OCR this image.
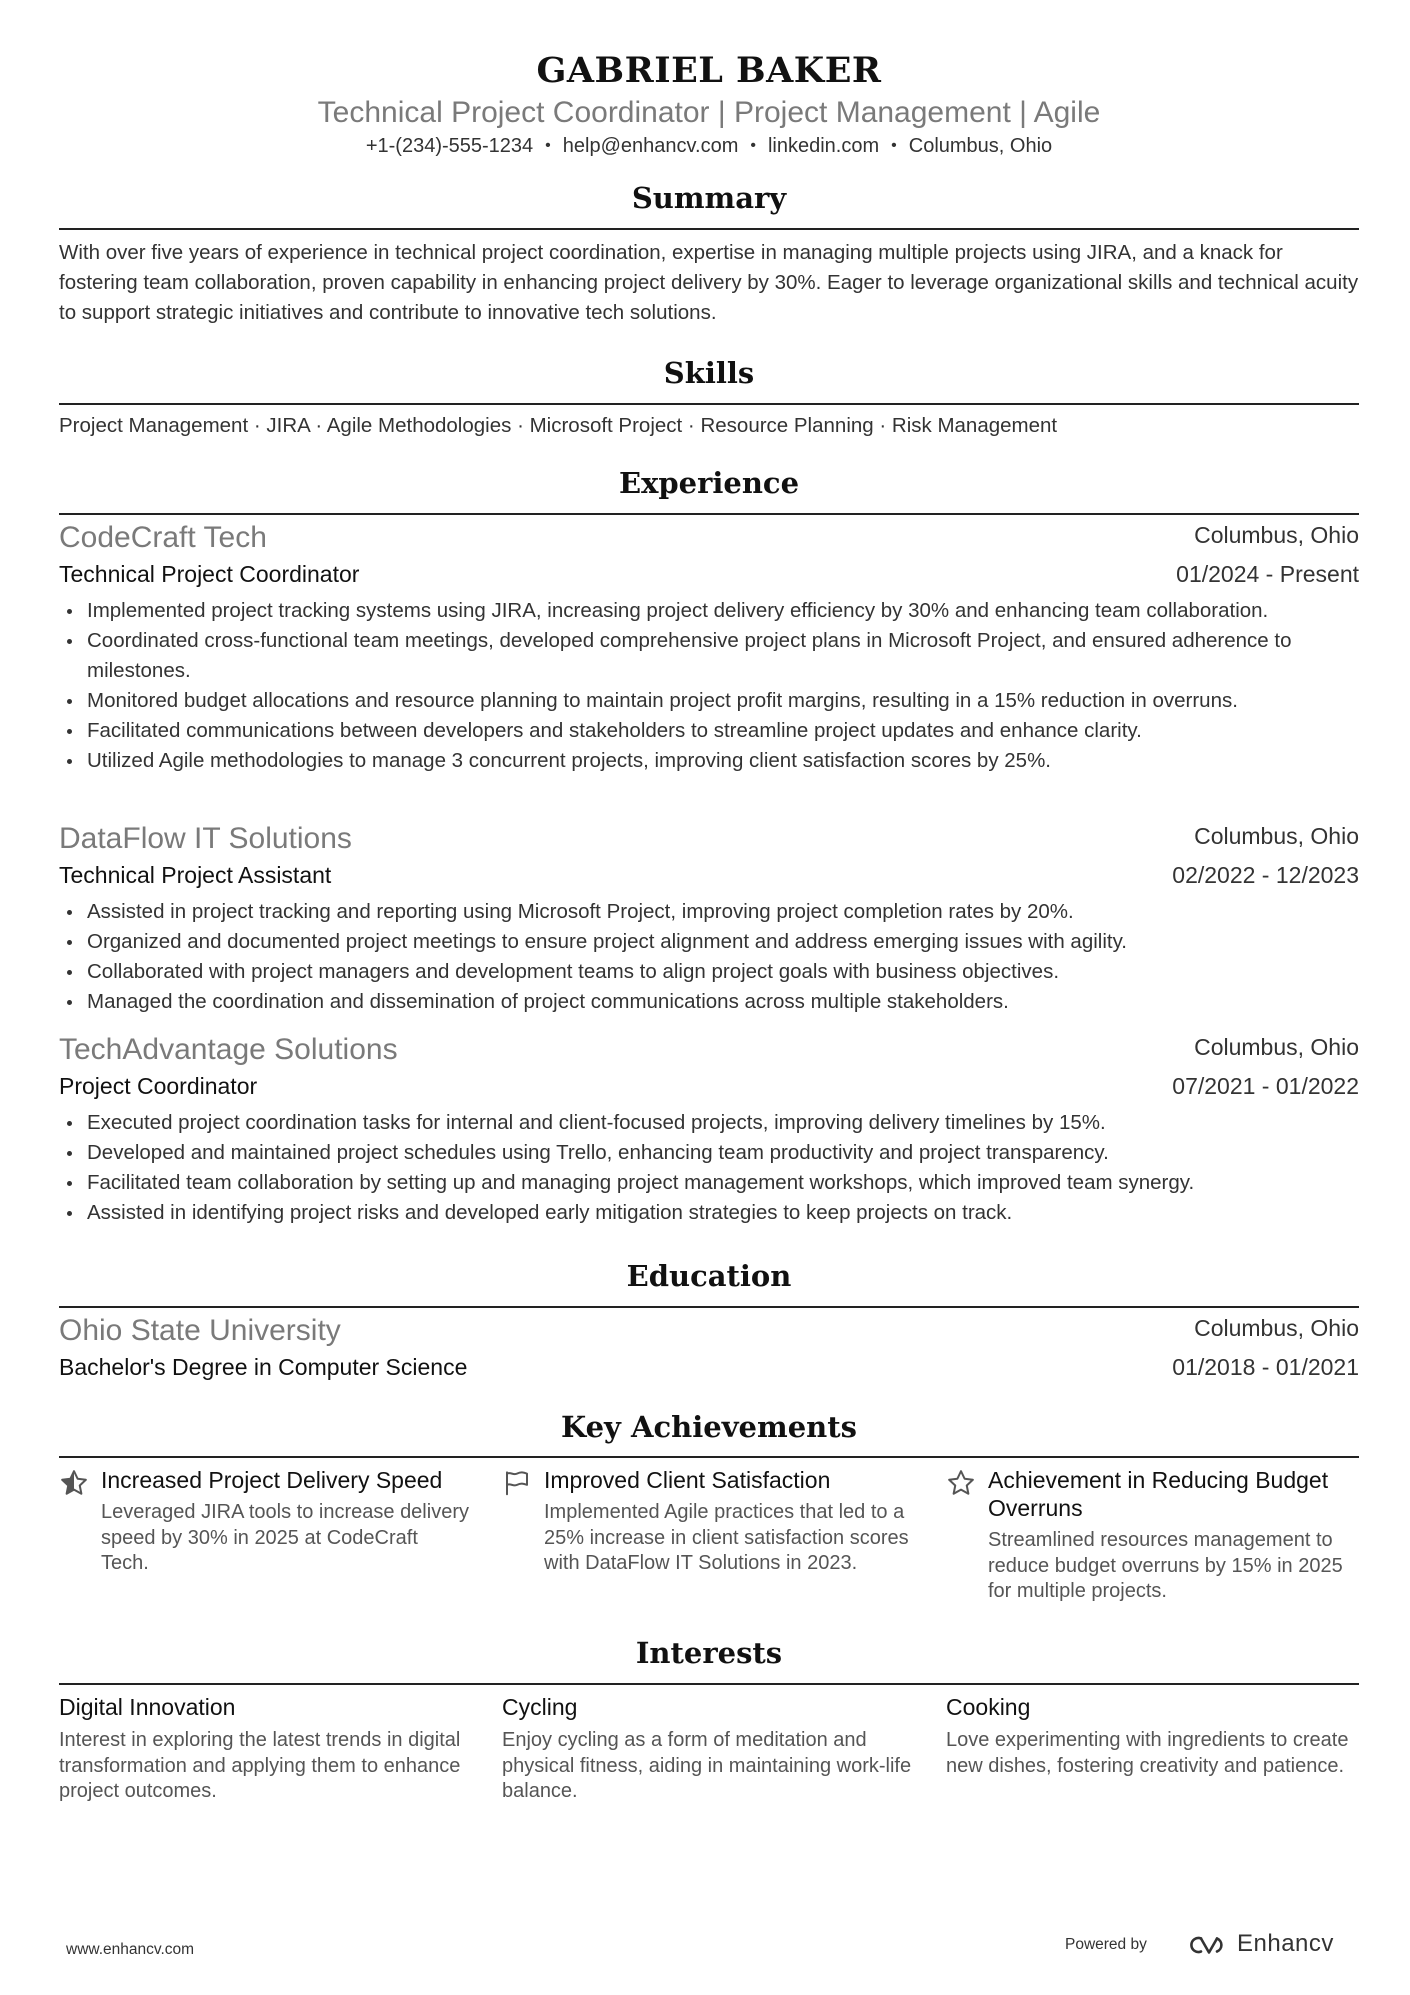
GABRIEL BAKER
Technical Project Coordinator | Project Management | Agile
+1-(234)-555-1234 • help@enhancv.com • linkedin.com • Columbus, Ohio
Summary
With over five years of experience in technical project coordination, expertise in managing multiple projects using JIRA, and a knack for fostering team collaboration, proven capability in enhancing project delivery by 30%. Eager to leverage organizational skills and technical acuity to support strategic initiatives and contribute to innovative tech solutions.
Skills
Project Management · JIRA · Agile Methodologies · Microsoft Project · Resource Planning · Risk Management
Experience
CodeCraft Tech	Columbus, Ohio
Technical Project Coordinator	01/2024 - Present
Implemented project tracking systems using JIRA, increasing project delivery efficiency by 30% and enhancing team collaboration.
Coordinated cross-functional team meetings, developed comprehensive project plans in Microsoft Project, and ensured adherence to milestones.
Monitored budget allocations and resource planning to maintain project profit margins, resulting in a 15% reduction in overruns.
Facilitated communications between developers and stakeholders to streamline project updates and enhance clarity.
Utilized Agile methodologies to manage 3 concurrent projects, improving client satisfaction scores by 25%.
DataFlow IT Solutions	Columbus, Ohio
Technical Project Assistant	02/2022 - 12/2023
Assisted in project tracking and reporting using Microsoft Project, improving project completion rates by 20%.
Organized and documented project meetings to ensure project alignment and address emerging issues with agility.
Collaborated with project managers and development teams to align project goals with business objectives.
Managed the coordination and dissemination of project communications across multiple stakeholders.
TechAdvantage Solutions	Columbus, Ohio
Project Coordinator	07/2021 - 01/2022
Executed project coordination tasks for internal and client-focused projects, improving delivery timelines by 15%.
Developed and maintained project schedules using Trello, enhancing team productivity and project transparency.
Facilitated team collaboration by setting up and managing project management workshops, which improved team synergy.
Assisted in identifying project risks and developed early mitigation strategies to keep projects on track.
Education
Ohio State University	Columbus, Ohio
Bachelor's Degree in Computer Science	01/2018 - 01/2021
Key Achievements
Increased Project Delivery Speed
Leveraged JIRA tools to increase delivery speed by 30% in 2025 at CodeCraft Tech.
Improved Client Satisfaction
Implemented Agile practices that led to a 25% increase in client satisfaction scores with DataFlow IT Solutions in 2023.
Achievement in Reducing Budget Overruns
Streamlined resources management to reduce budget overruns by 15% in 2025 for multiple projects.
Interests
Digital Innovation
Interest in exploring the latest trends in digital transformation and applying them to enhance project outcomes.
Cycling
Enjoy cycling as a form of meditation and physical fitness, aiding in maintaining work-life balance.
Cooking
Love experimenting with ingredients to create new dishes, fostering creativity and patience.
www.enhancv.com	Powered by	Enhancv
